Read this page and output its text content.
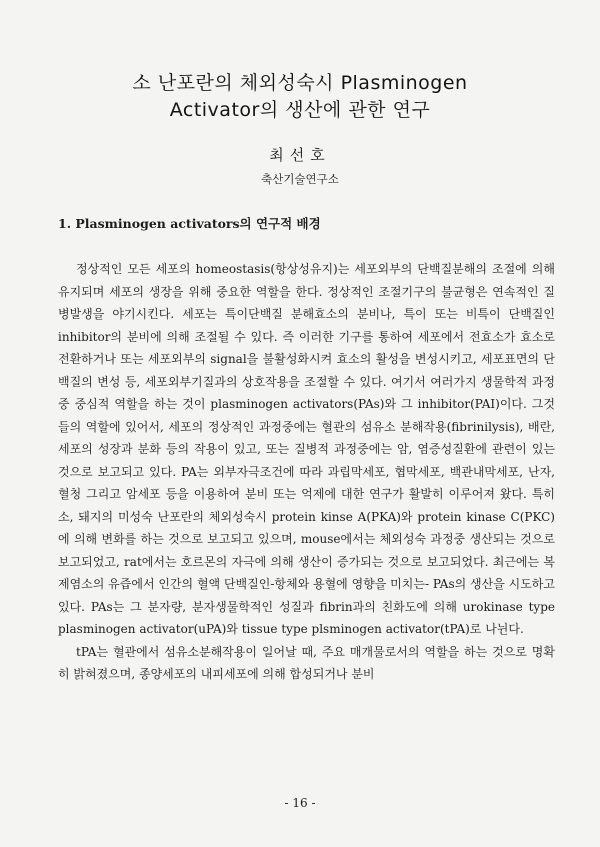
소 난포란의 체외성숙시 Plasminogen
Activator의 생산에 관한 연구
최선호
축산기술연구소
1. Plasminogen activators의 연구적 배경

정상적인 모든 세포의 homeostasis(항상성유지)는 세포외부의 단백질분해의 조절에 의해 유지되며 세포의 생장을 위해 중요한 역할을 한다. 정상적인 조절기구의 불균형은 연속적인 질병발생을 야기시킨다. 세포는 특이단백질 분해효소의 분비나, 특이 또는 비특이 단백질인 inhibitor의 분비에 의해 조절될 수 있다. 즉 이러한 기구를 통하여 세포에서 전효소가 효소로 전환하거나 또는 세포외부의 signal을 불활성화시켜 효소의 활성을 변성시키고, 세포표면의 단백질의 변성 등, 세포외부기질과의 상호작용을 조절할 수 있다. 여기서 여러가지 생물학적 과정중 중심적 역할을 하는 것이 plasminogen activators(PAs)와 그 inhibitor(PAI)이다. 그것들의 역할에 있어서, 세포의 정상적인 과정중에는 혈관의 섬유소 분해작용(fibrinilysis), 배란, 세포의 성장과 분화 등의 작용이 있고, 또는 질병적 과정중에는 암, 염증성질환에 관련이 있는 것으로 보고되고 있다. PA는 외부자극조건에 따라 과립막세포, 협막세포, 백관내막세포, 난자, 혈청 그리고 암세포 등을 이용하여 분비 또는 억제에 대한 연구가 활발히 이루어져 왔다. 특히 소, 돼지의 미성숙 난포란의 체외성숙시 protein kinse A(PKA)와 protein kinase C(PKC)에 의해 변화를 하는 것으로 보고되고 있으며, mouse에서는 체외성숙 과정중 생산되는 것으로 보고되었고, rat에서는 호르몬의 자극에 의해 생산이 증가되는 것으로 보고되었다. 최근에는 복제염소의 유즙에서 인간의 혈액 단백질인-항체와 용혈에 영향을 미치는- PAs의 생산을 시도하고 있다. PAs는 그 분자량, 분자생물학적인 성질과 fibrin과의 친화도에 의해 urokinase type plasminogen activator(uPA)와 tissue type plsminogen activator(tPA)로 나뉜다.

tPA는 혈관에서 섬유소분해작용이 일어날 때, 주요 매개물로서의 역할을 하는 것으로 명확히 밝혀졌으며, 종양세포의 내피세포에 의해 합성되거나 분비

- 16 -
